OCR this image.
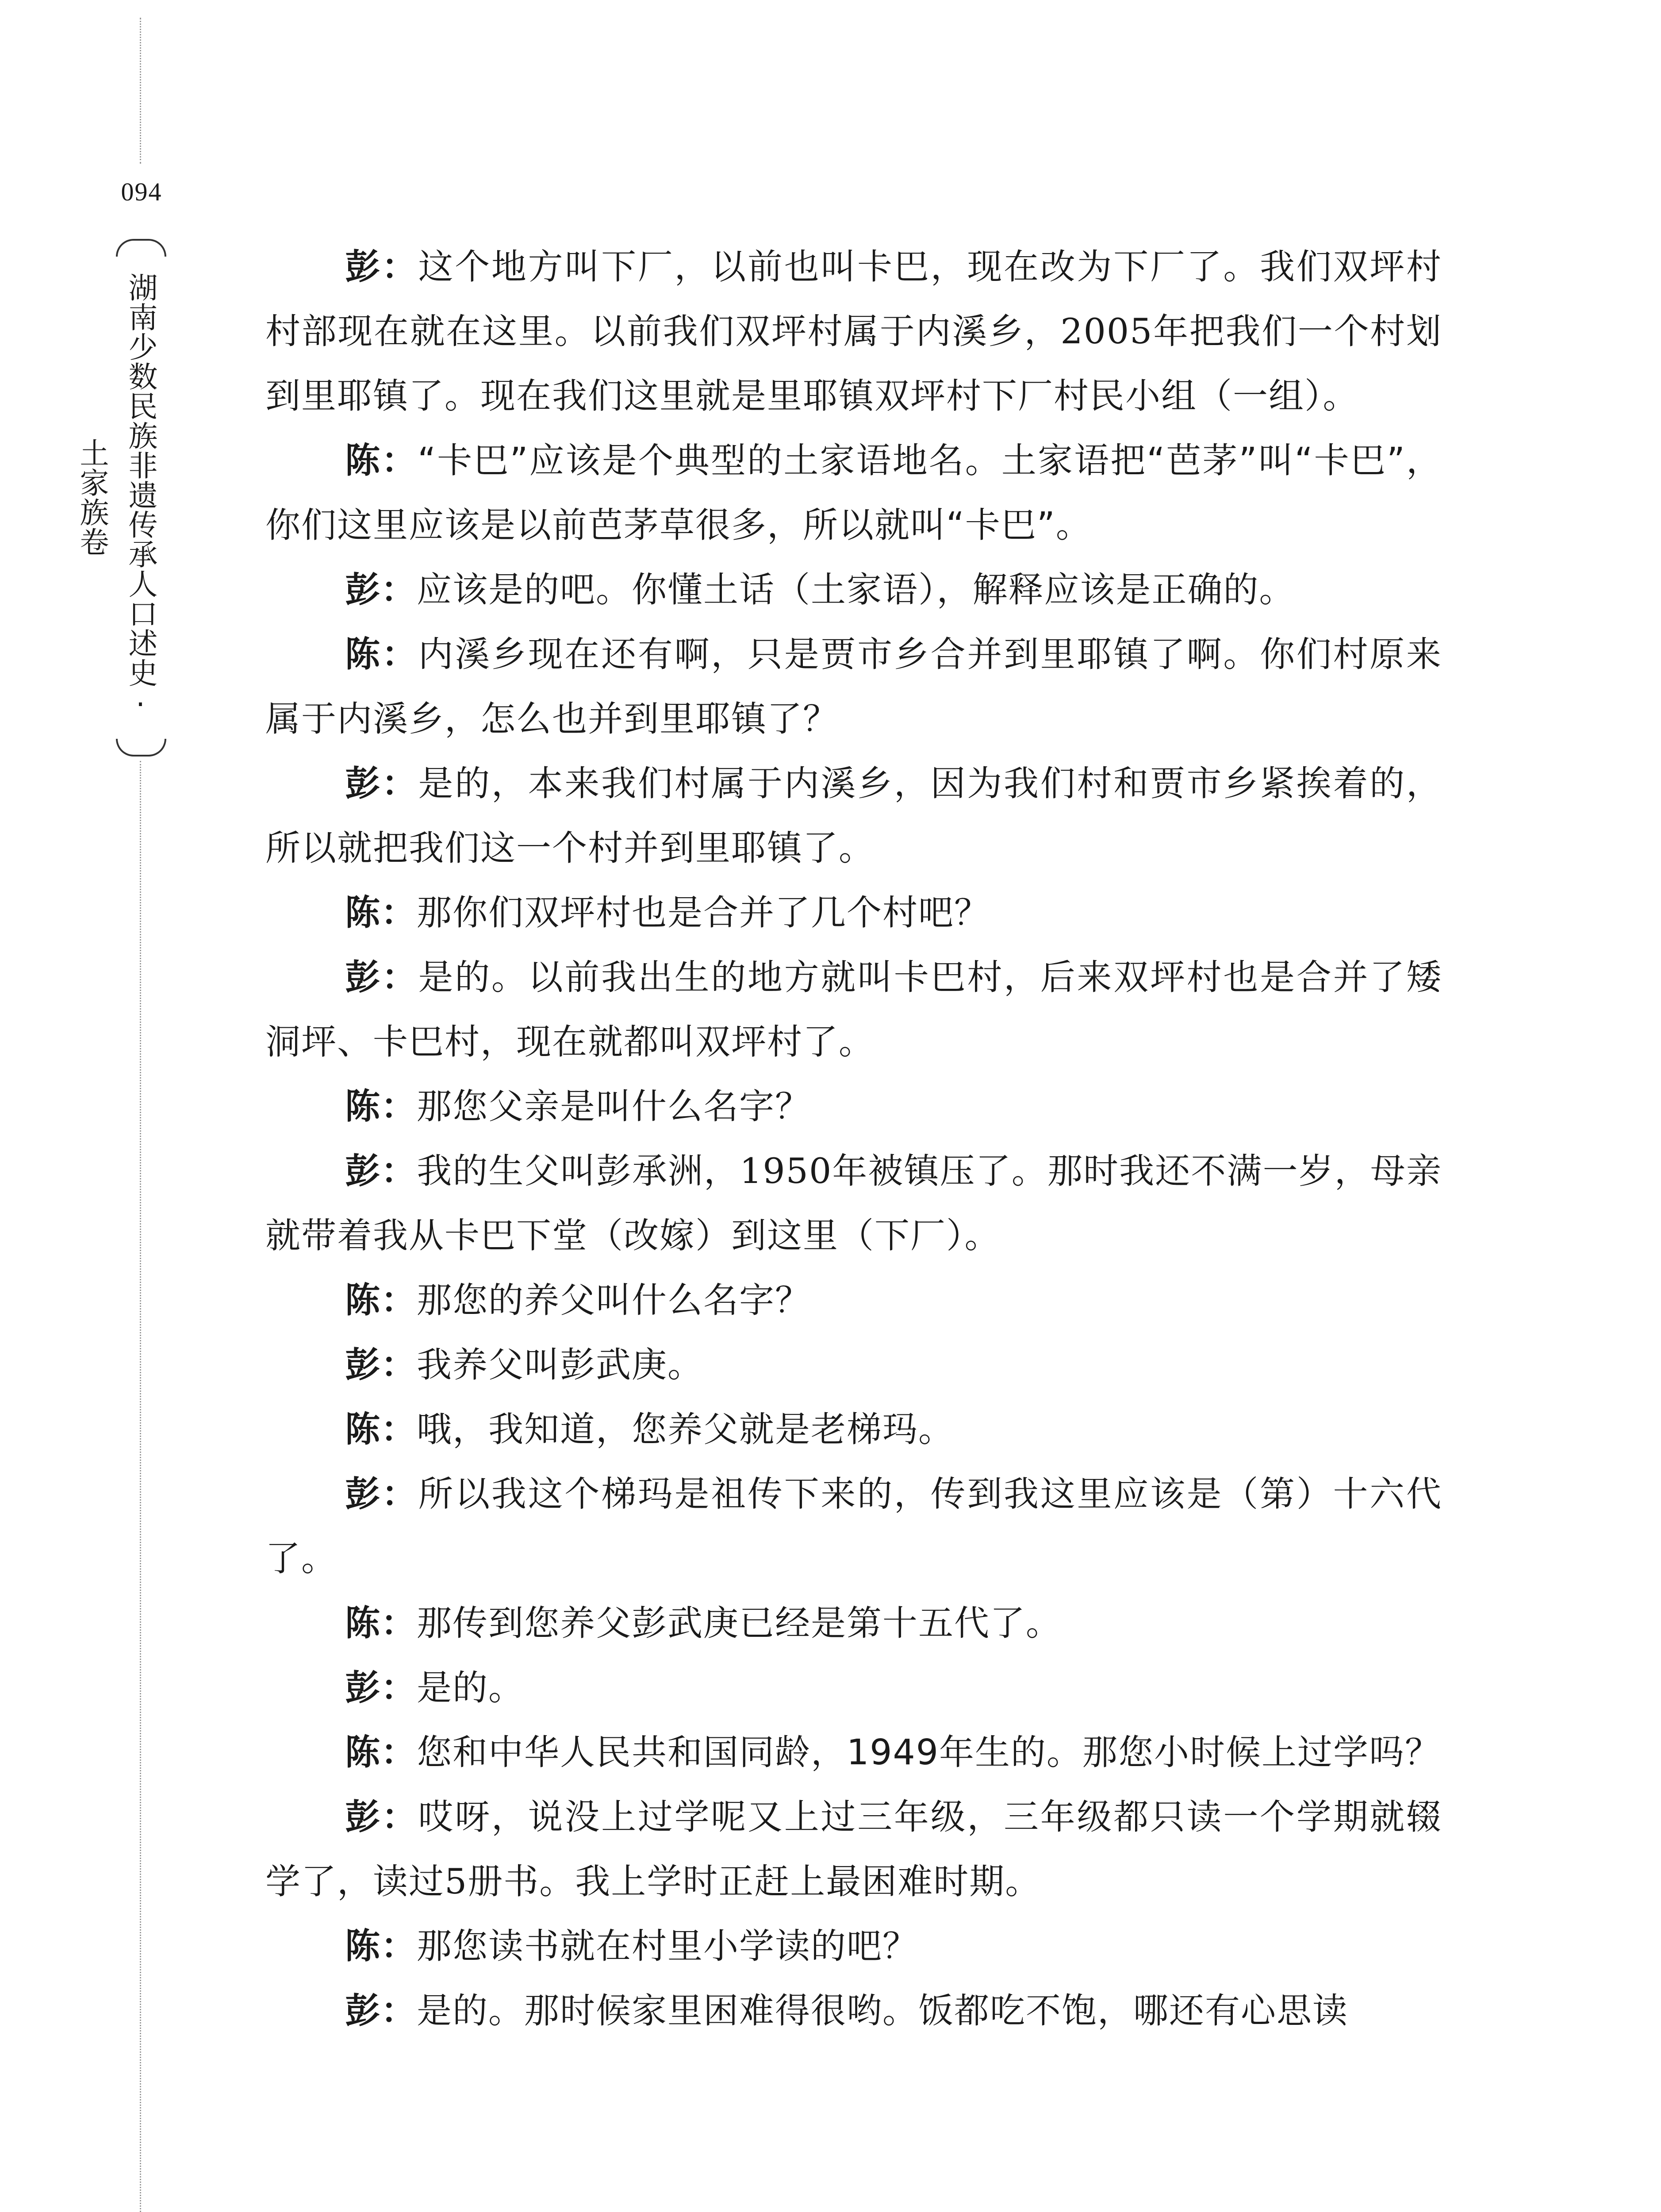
094
湖南少数民族非遗传承人口述史·土家族卷

彭：这个地方叫下厂，以前也叫卡巴，现在改为下厂了。我们双坪村村部现在就在这里。以前我们双坪村属于内溪乡，2005年把我们一个村划到里耶镇了。现在我们这里就是里耶镇双坪村下厂村民小组（一组）。

陈：“卡巴”应该是个典型的土家语地名。土家语把“芭茅”叫“卡巴”，你们这里应该是以前芭茅草很多，所以就叫“卡巴”。

彭：应该是的吧。你懂土话（土家语），解释应该是正确的。

陈：内溪乡现在还有啊，只是贾市乡合并到里耶镇了啊。你们村原来属于内溪乡，怎么也并到里耶镇了？

彭：是的，本来我们村属于内溪乡，因为我们村和贾市乡紧挨着的，所以就把我们这一个村并到里耶镇了。

陈：那你们双坪村也是合并了几个村吧？

彭：是的。以前我出生的地方就叫卡巴村，后来双坪村也是合并了矮洞坪、卡巴村，现在就都叫双坪村了。

陈：那您父亲是叫什么名字？

彭：我的生父叫彭承洲，1950年被镇压了。那时我还不满一岁，母亲就带着我从卡巴下堂（改嫁）到这里（下厂）。

陈：那您的养父叫什么名字？

彭：我养父叫彭武庚。

陈：哦，我知道，您养父就是老梯玛。

彭：所以我这个梯玛是祖传下来的，传到我这里应该是（第）十六代了。

陈：那传到您养父彭武庚已经是第十五代了。

彭：是的。

陈：您和中华人民共和国同龄，1949年生的。那您小时候上过学吗？

彭：哎呀，说没上过学呢又上过三年级，三年级都只读一个学期就辍学了，读过5册书。我上学时正赶上最困难时期。

陈：那您读书就在村里小学读的吧？

彭：是的。那时候家里困难得很哟。饭都吃不饱，哪还有心思读
